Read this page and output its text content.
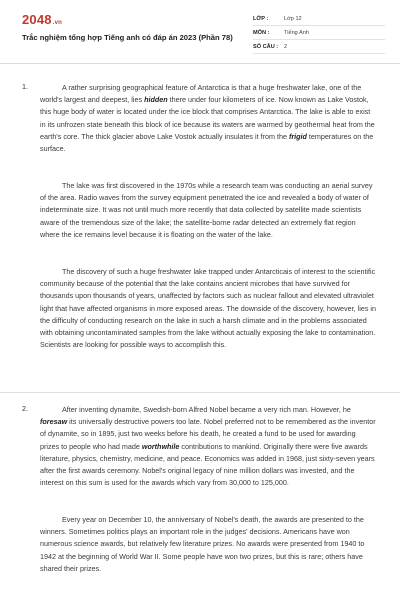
2048.vn
Trắc nghiệm tổng hợp Tiếng anh có đáp án 2023 (Phần 78)
LỚP :	Lớp 12
MÔN :	Tiếng Anh
SỐ CÂU :	2
1.	A rather surprising geographical feature of Antarctica is that a huge freshwater lake, one of the world's largest and deepest, lies hidden there under four kilometers of ice. Now known as Lake Vostok, this huge body of water is located under the ice block that comprises Antarctica. The lake is able to exist in its unfrozen state beneath this block of ice because its waters are warmed by geothermal heat from the earth's core. The thick glacier above Lake Vostok actually insulates it from the frigid temperatures on the surface.

The lake was first discovered in the 1970s while a research team was conducting an aerial survey of the area. Radio waves from the survey equipment penetrated the ice and revealed a body of water of indeterminate size. It was not until much more recently that data collected by satellite made scientists aware of the tremendous size of the lake; the satellite-borne radar detected an extremely flat region where the ice remains level because it is floating on the water of the lake.

The discovery of such a huge freshwater lake trapped under Antarcticais of interest to the scientific community because of the potential that the lake contains ancient microbes that have survived for thousands upon thousands of years, unaffected by factors such as nuclear fallout and elevated ultraviolet light that have affected organisms in more exposed areas. The downside of the discovery, however, lies in the difficulty of conducting research on the lake in such a harsh climate and in the problems associated with obtaining uncontaminated samples from the lake without actually exposing the lake to contamination. Scientists are looking for possible ways to accomplish this.

2.	After inventing dynamite, Swedish-born Alfred Nobel became a very rich man. However, he foresaw its universally destructive powers too late. Nobel preferred not to be remembered as the inventor of dynamite, so in 1895, just two weeks before his death, he created a fund to be used for awarding prizes to people who had made worthwhile contributions to mankind. Originally there were five awards literature, physics, chemistry, medicine, and peace. Economics was added in 1968, just sixty-seven years after the first awards ceremony. Nobel's original legacy of nine million dollars was invested, and the interest on this sum is used for the awards which vary from 30,000 to 125,000.

Every year on December 10, the anniversary of Nobel's death, the awards are presented to the winners. Sometimes politics plays an important role in the judges' decisions. Americans have won numerous science awards, but relatively few literature prizes. No awards were presented from 1940 to 1942 at the beginning of World War II. Some people have won two prizes, but this is rare; others have shared their prizes.
